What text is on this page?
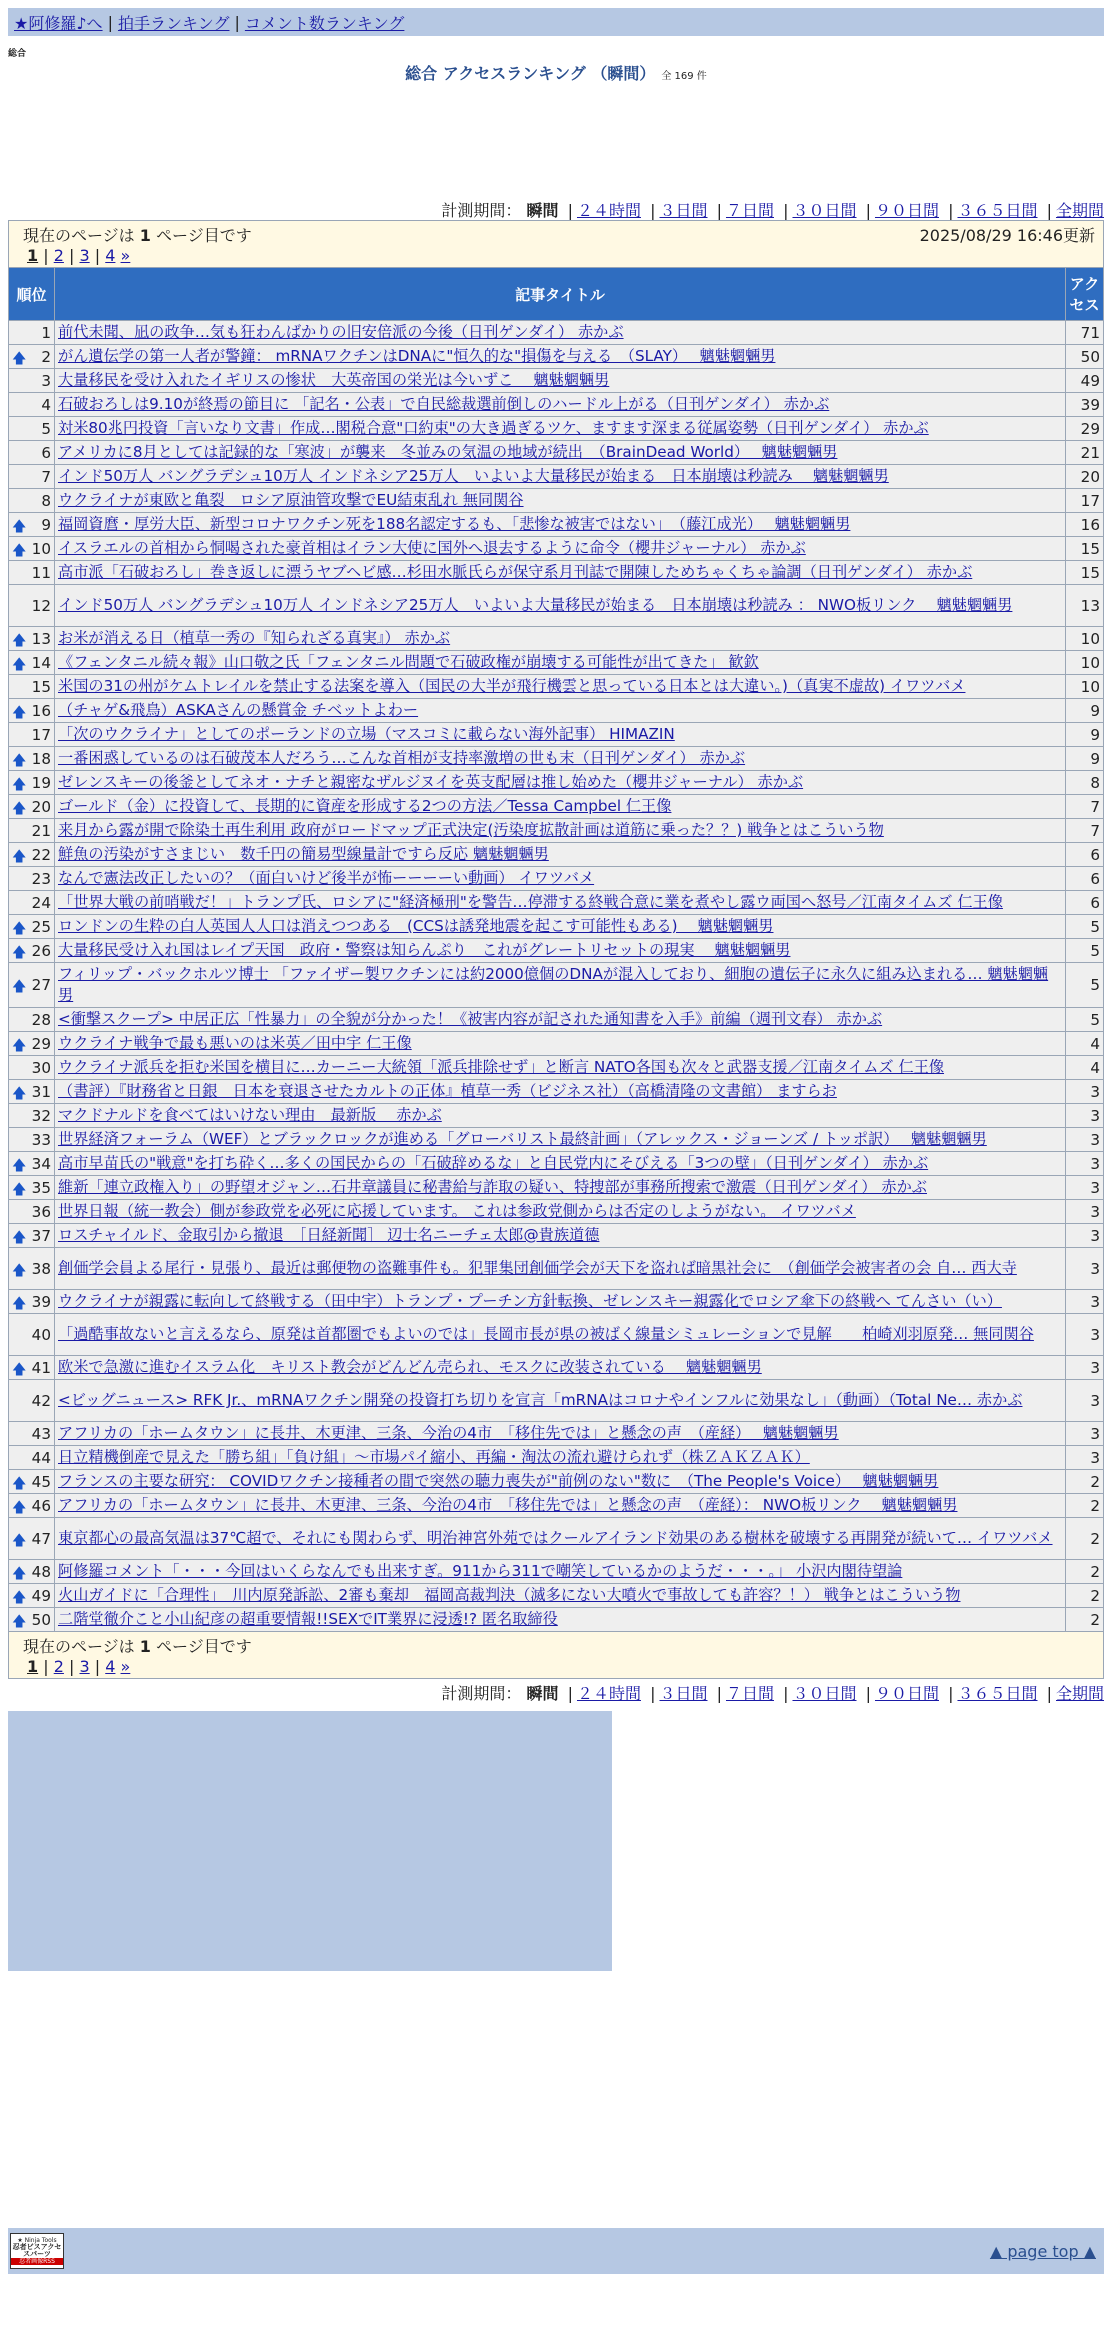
★阿修羅♪へ | 拍手ランキング | コメント数ランキング
総合
総合 アクセスランキング （瞬間） 全 169 件
計測期間： 瞬間 | ２４時間 | ３日間 | ７日間 | ３０日間 | ９０日間 | ３６５日間 | 全期間
現在のページは 1 ページ目です 2025/08/29 16:46更新
1 | 2 | 3 | 4 »		

順位	記事タイトル	アクセス
1	前代未聞、凪の政争…気も狂わんばかりの旧安倍派の今後（日刊ゲンダイ） 赤かぶ	71

🡅 2	がん遺伝学の第一人者が警鐘： mRNAワクチンはDNAに"恒久的な"損傷を与える　（SLAY）　 魑魅魍魎男	50
3	大量移民を受け入れたイギリスの惨状　大英帝国の栄光は今いずこ　 魑魅魍魎男	49
4	石破おろしは9.10が終焉の節目に 「記名・公表」で自民総裁選前倒しのハードル上がる（日刊ゲンダイ） 赤かぶ	39
5	対米80兆円投資「言いなり文書」作成…閣税合意"口約束"の大き過ぎるツケ、ますます深まる従属姿勢（日刊ゲンダイ） 赤かぶ	29
6	アメリカに8月としては記録的な「寒波」が襲来　冬並みの気温の地域が続出　（BrainDead World）　 魑魅魍魎男	21
7	インド50万人 バングラデシュ10万人 インドネシア25万人　いよいよ大量移民が始まる　日本崩壊は秒読み　 魑魅魍魎男	20
8	ウクライナが東欧と亀裂　ロシア原油管攻撃でEU結束乱れ 無同関谷	17

🡅 9	福岡資麿・厚労大臣、新型コロナワクチン死を188名認定するも、「悲惨な被害ではない」　（藤江成光）　 魑魅魍魎男	16

🡅 10	イスラエルの首相から恫喝された豪首相はイラン大使に国外へ退去するように命令（櫻井ジャーナル） 赤かぶ	15
11	高市派「石破おろし」巻き返しに漂うヤブヘビ感…杉田水脈氏らが保守系月刊誌で開陳しためちゃくちゃ論調（日刊ゲンダイ） 赤かぶ	15
12	インド50万人 バングラデシュ10万人 インドネシア25万人　いよいよ大量移民が始まる　日本崩壊は秒読み ： NWO板リンク　 魑魅魍魎男	13

🡅 13	お米が消える日（植草一秀の『知られざる真実』） 赤かぶ	10

🡅 14	《フェンタニル続々報》山口敬之氏「フェンタニル問題で石破政権が崩壊する可能性が出てきた」 歓欽	10
15	米国の31の州がケムトレイルを禁止する法案を導入（国民の大半が飛行機雲と思っている日本とは大違い。)（真実不虚故) イワツバメ	10

🡅 16	（チャゲ&飛鳥）ASKAさんの懸賞金 チベットよわー	9
17	「次のウクライナ」としてのポーランドの立場（マスコミに載らない海外記事） HIMAZIN	9

🡅 18	一番困惑しているのは石破茂本人だろう…こんな首相が支持率激増の世も末（日刊ゲンダイ） 赤かぶ	9

🡅 19	ゼレンスキーの後釜としてネオ・ナチと親密なザルジヌイを英支配層は推し始めた（櫻井ジャーナル） 赤かぶ	8

🡅 20	ゴールド（金）に投資して、長期的に資産を形成する2つの方法／Tessa Campbel 仁王像	7
21	来月から露が開で除染土再生利用 政府がロードマップ正式決定(汚染度拡散計画は道筋に乗った？？) 戦争とはこういう物	7

🡅 22	鮮魚の汚染がすさまじい　数千円の簡易型線量計ですら反応 魑魅魍魎男	6
23	なんで憲法改正したいの？（面白いけど後半が怖ーーーーい動画） イワツバメ	6
24	「世界大戦の前哨戦だ！」トランプ氏、ロシアに"経済極刑"を警告…停滞する終戦合意に業を煮やし露ウ両国へ怒号／江南タイムズ 仁王像	6

🡅 25	ロンドンの生粋の白人英国人人口は消えつつある　(CCSは誘発地震を起こす可能性もある)　 魑魅魍魎男	5

🡅 26	大量移民受け入れ国はレイプ天国　政府・警察は知らんぷり　これがグレートリセットの現実　 魑魅魍魎男	5

🡅 27	フィリップ・バックホルツ博士 「ファイザー製ワクチンには約2000億個のDNAが混入しており、細胞の遺伝子に永久に組み込まれる… 魑魅魍魎男	5
28	<衝撃スクープ> 中居正広「性暴力」の全貌が分かった！《被害内容が記された通知書を入手》前編（週刊文春） 赤かぶ	5

🡅 29	ウクライナ戦争で最も悪いのは米英／田中宇 仁王像	4
30	ウクライナ派兵を拒む米国を横目に…カーニー大統領「派兵排除せず」と断言 NATO各国も次々と武器支援／江南タイムズ 仁王像	4

🡅 31	（書評）『財務省と日銀　日本を衰退させたカルトの正体』植草一秀（ビジネス社）（高橋清隆の文書館） ますらお	3
32	マクドナルドを食べてはいけない理由　最新版　 赤かぶ	3
33	世界経済フォーラム（WEF）とブラックロックが進める「グローバリスト最終計画」（アレックス・ジョーンズ / トッポ訳）　 魑魅魍魎男	3

🡅 34	高市早苗氏の"戦意"を打ち砕く…多くの国民からの「石破辞めるな」と自民党内にそびえる「3つの壁」（日刊ゲンダイ） 赤かぶ	3

🡅 35	維新「連立政権入り」の野望オジャン…石井章議員に秘書給与詐取の疑い、特捜部が事務所搜索で激震（日刊ゲンダイ） 赤かぶ	3
36	世界日報（統一教会）側が参政党を必死に応援しています。 これは参政党側からは否定のしようがない。 イワツバメ	3

🡅 37	ロスチャイルド、金取引から撤退　［日経新聞］ 辺士名ニーチェ太郎@貴族道德	3

🡅 38	創価学会員よる尾行・見張り、最近は郵便物の盗難事件も。犯罪集団創価学会が天下を盗れば暗黒社会に　（創価学会被害者の会 自… 西大寺	3

🡅 39	ウクライナが親露に転向して終戦する（田中宇）トランプ・プーチン方針転換、ゼレンスキー親露化でロシア傘下の終戦へ てんさい（い）	3
40	「過酷事故ないと言えるなら、原発は首都圏でもよいのでは」長岡市長が県の被ばく線量シミュレーションで見解　　柏崎刈羽原発… 無同関谷	3

🡅 41	欧米で急激に進むイスラム化　キリスト教会がどんどん売られ、モスクに改装されている　 魑魅魍魎男	3
42	<ビッグニュース> RFK Jr.、mRNAワクチン開発の投資打ち切りを宣言「mRNAはコロナやインフルに効果なし」（動画）（Total Ne… 赤かぶ	3
43	アフリカの「ホームタウン」に長井、木更津、三条、今治の4市　「移住先では」と懸念の声　（産経）　 魑魅魍魎男	3
44	日立精機倒産で見えた「勝ち組」「負け組」～市場パイ縮小、再編・淘汰の流れ避けられず（株ＺＡＫＺＡＫ）	3

🡅 45	フランスの主要な研究： COVIDワクチン接種者の間で突然の聴力喪失が"前例のない"数に　（The People's Voice）　 魑魅魍魎男	2

🡅 46	アフリカの「ホームタウン」に長井、木更津、三条、今治の4市　「移住先では」と懸念の声　（産経）： NWO板リンク　 魑魅魍魎男	2

🡅 47	東京都心の最高気温は37℃超で、それにも関わらず、明治神宮外苑ではクールアイランド効果のある樹林を破壊する再開発が続いて… イワツバメ	2

🡅 48	阿修羅コメント「・・・今回はいくらなんでも出来すぎ。911から311で嘲笑しているかのようだ・・・。」 小沢内閣待望論	2

🡅 49	火山ガイドに「合理性」　川内原発訴訟、2審も棄却　福岡高裁判決（滅多にない大噴火で事故しても許容？！） 戦争とはこういう物	2

🡅 50	二階堂徹介こと小山紀彦の超重要情報!!SEXでIT業界に浸透!? 匿名取締役	2
現在のページは 1 ページ目です
1 | 2 | 3 | 4 »
計測期間： 瞬間 | ２４時間 | ３日間 | ７日間 | ３０日間 | ９０日間 | ３６５日間 | 全期間
★ Ninja Tools
忍者ビスアクセスパーツ
忍者画像RSS
▲ page top ▲
